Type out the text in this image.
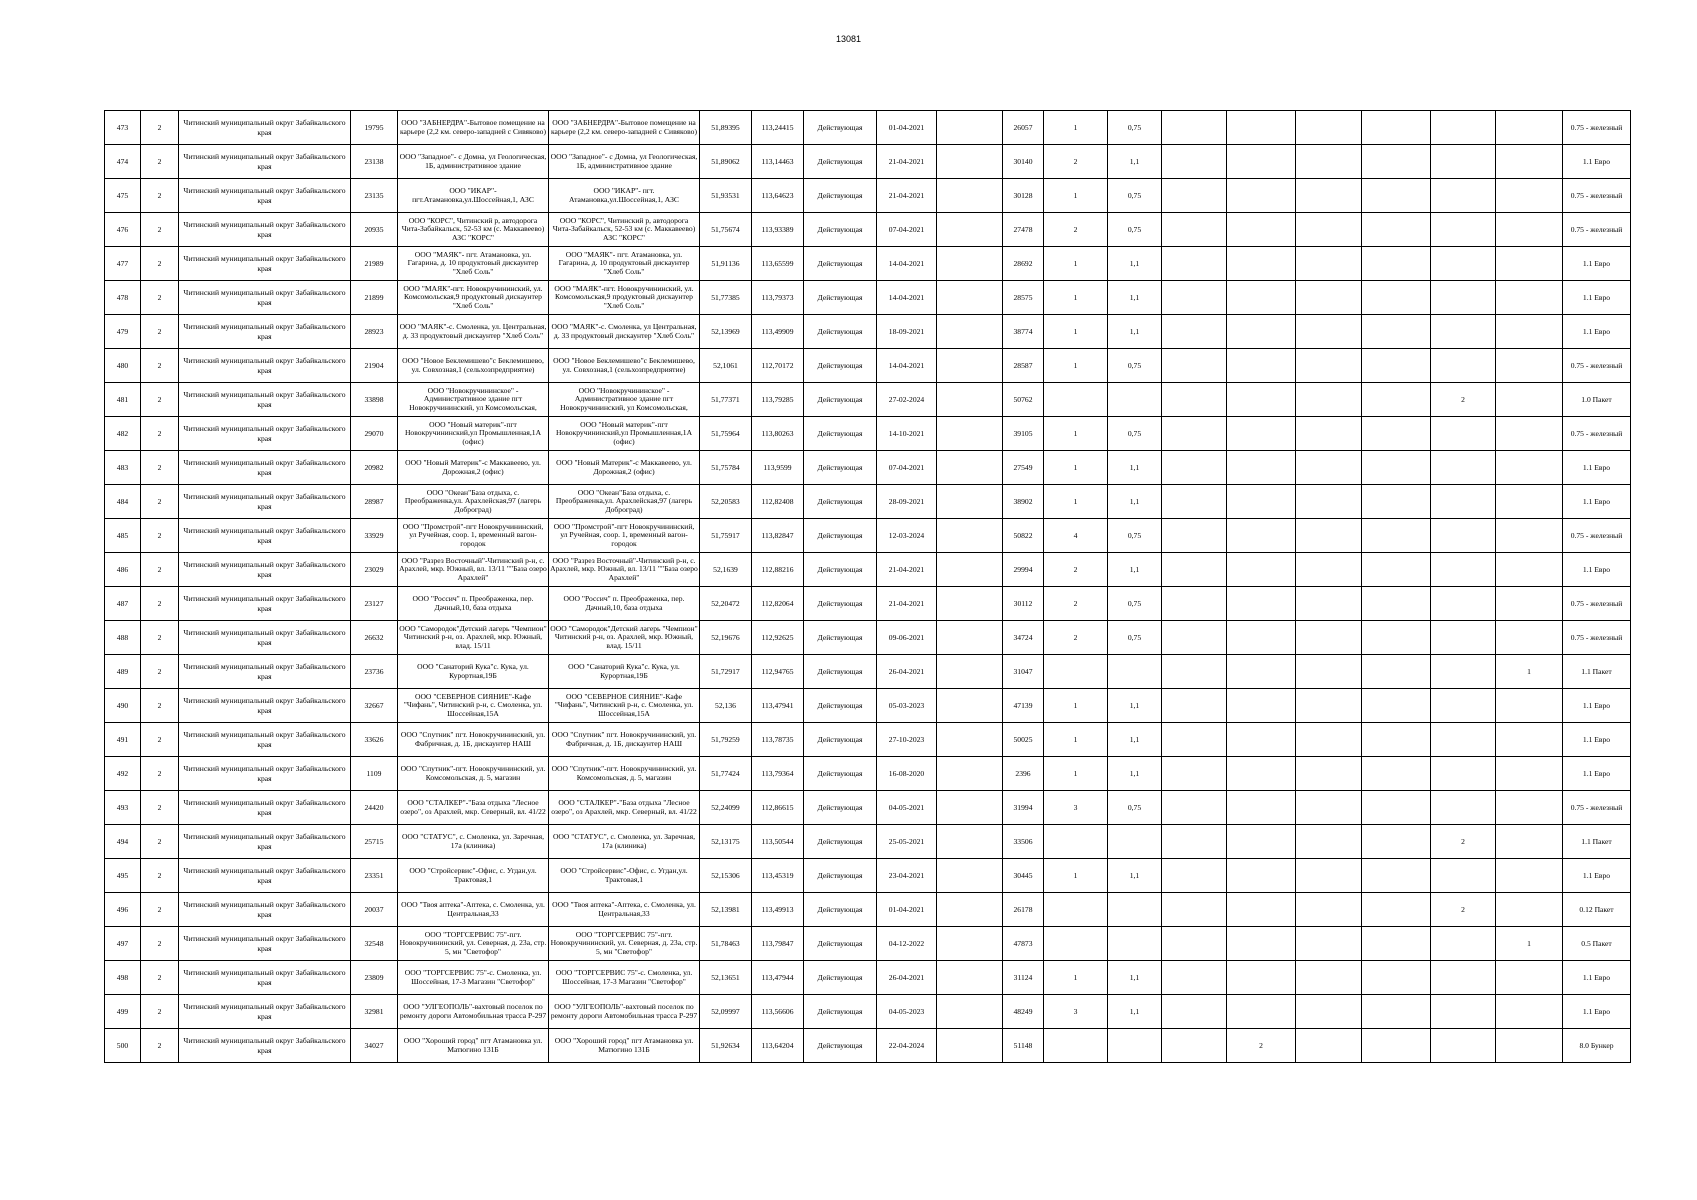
13081
473	2	Читинский муниципальный округ Забайкальского края	19795	ООО "ЗАБНЕРДРА"-Бытовое помещение на карьере (2,2 км. северо-западней с Сивяково)	ООО "ЗАБНЕРДРА"-Бытовое помещение на карьере (2,2 км. северо-западней с Сивяково)	51,89395	113,24415	Действующая	01-04-2021		26057	1	0,75							0.75 - железный

474	2	Читинский муниципальный округ Забайкальского края	23138	ООО "Западное"- с Домна, ул Геологическая, 1Б, административное здание	ООО "Западное"- с Домна, ул Геологическая, 1Б, административное здание	51,89062	113,14463	Действующая	21-04-2021		30140	2	1,1							1.1 Евро

475	2	Читинский муниципальный округ Забайкальского края	23135	ООО "ИКАР"- пгт.Атамановка,ул.Шоссейная,1, АЗС	ООО "ИКАР"- пгт. Атамановка,ул.Шоссейная,1, АЗС	51,93531	113,64623	Действующая	21-04-2021		30128	1	0,75							0.75 - железный

476	2	Читинский муниципальный округ Забайкальского края	20935	ООО "КОРС", Читинский р, автодорога Чита-Забайкальск, 52-53 км (с. Маккавеево) АЗС "КОРС"	ООО "КОРС", Читинский р, автодорога Чита-Забайкальск, 52-53 км (с. Маккавеево) АЗС "КОРС"	51,75674	113,93389	Действующая	07-04-2021		27478	2	0,75							0.75 - железный

477	2	Читинский муниципальный округ Забайкальского края	21989	ООО "МАЯК"- пгт. Атамановка, ул. Гагарина, д. 10 продуктовый дискаунтер "Хлеб Соль"	ООО "МАЯК"- пгт. Атамановка, ул. Гагарина, д. 10 продуктовый дискаунтер "Хлеб Соль"	51,91136	113,65599	Действующая	14-04-2021		28692	1	1,1							1.1 Евро

478	2	Читинский муниципальный округ Забайкальского края	21899	ООО "МАЯК"-пгт. Новокручининский, ул. Комсомольская,9 продуктовый дискаунтер "Хлеб Соль"	ООО "МАЯК"-пгт. Новокручининский, ул. Комсомольская,9 продуктовый дискаунтер "Хлеб Соль"	51,77385	113,79373	Действующая	14-04-2021		28575	1	1,1							1.1 Евро

479	2	Читинский муниципальный округ Забайкальского края	28923	ООО "МАЯК"-с. Смоленка, ул. Центральная, д. 33 продуктовый дискаунтер "Хлеб Соль"	ООО "МАЯК"-с. Смоленка, ул Центральная, д. 33 продуктовый дискаунтер "Хлеб Соль"	52,13969	113,49909	Действующая	18-09-2021		38774	1	1,1							1.1 Евро

480	2	Читинский муниципальный округ Забайкальского края	21904	ООО "Новое Беклемишево"с Беклемишево, ул. Совхозная,1 (сельхозпредприятие)	ООО "Новое Беклемишево"с Беклемишево, ул. Совхозная,1 (сельхозпредприятие)	52,1061	112,70172	Действующая	14-04-2021		28587	1	0,75							0.75 - железный

481	2	Читинский муниципальный округ Забайкальского края	33898	ООО "Новокручининское" - Административное здание пгт Новокручининский, ул Комсомольская,	ООО "Новокручининское" - Административное здание пгт Новокручининский, ул Комсомольская,	51,77371	113,79285	Действующая	27-02-2024		50762							2		1.0 Пакет

482	2	Читинский муниципальный округ Забайкальского края	29070	ООО "Новый материк"-пгт Новокручининский,ул Промышленная,1А (офис)	ООО "Новый материк"-пгт Новокручининский,ул Промышленная,1А (офис)	51,75964	113,80263	Действующая	14-10-2021		39105	1	0,75							0.75 - железный

483	2	Читинский муниципальный округ Забайкальского края	20982	ООО "Новый Материк"-с Маккавеево, ул. Дорожная,2 (офис)	ООО "Новый Материк"-с Маккавеево, ул. Дорожная,2 (офис)	51,75784	113,9599	Действующая	07-04-2021		27549	1	1,1							1.1 Евро

484	2	Читинский муниципальный округ Забайкальского края	28987	ООО "Океан"База отдыха, с. Преображенка,ул. Арахлейская,97 (лагерь Доброград)	ООО "Океан"База отдыха, с. Преображенка,ул. Арахлейская,97 (лагерь Доброград)	52,20583	112,82408	Действующая	28-09-2021		38902	1	1,1							1.1 Евро

485	2	Читинский муниципальный округ Забайкальского края	33929	ООО "Промстрой"-пгт Новокручининский, ул Ручейная, соор. 1, временный вагон-городок	ООО "Промстрой"-пгт Новокручининский, ул Ручейная, соор. 1, временный вагон-городок	51,75917	113,82847	Действующая	12-03-2024		50822	4	0,75							0.75 - железный

486	2	Читинский муниципальный округ Забайкальского края	23029	ООО "Разрез Восточный"-Читинский р-н, с. Арахлей, мкр. Южный, вл. 13/11 ""База озеро Арахлей"	ООО "Разрез Восточный"-Читинский р-н, с. Арахлей, мкр. Южный, вл. 13/11 ""База озеро Арахлей"	52,1639	112,88216	Действующая	21-04-2021		29994	2	1,1							1.1 Евро

487	2	Читинский муниципальный округ Забайкальского края	23127	ООО "Россич" п. Преображенка, пер. Дачный,10, база отдыха	ООО "Россич" п. Преображенка, пер. Дачный,10, база отдыха	52,20472	112,82064	Действующая	21-04-2021		30112	2	0,75							0.75 - железный

488	2	Читинский муниципальный округ Забайкальского края	26632	ООО "Самородок"Детский лагерь "Чемпион" Читинский р-н, оз. Арахлей, мкр. Южный, влад. 15/11	ООО "Самородок"Детский лагерь "Чемпион" Читинский р-н, оз. Арахлей, мкр. Южный, влад. 15/11	52,19676	112,92625	Действующая	09-06-2021		34724	2	0,75							0.75 - железный

489	2	Читинский муниципальный округ Забайкальского края	23736	ООО "Санаторий Кука"с. Кука, ул. Курортная,19Б	ООО "Санаторий Кука"с. Кука, ул. Курортная,19Б	51,72917	112,94765	Действующая	26-04-2021		31047								1	1.1 Пакет

490	2	Читинский муниципальный округ Забайкальского края	32667	ООО "СЕВЕРНОЕ СИЯНИЕ"-Кафе "Чифань", Читинский р-н, с. Смоленка, ул. Шоссейная,15А	ООО "СЕВЕРНОЕ СИЯНИЕ"-Кафе "Чифань", Читинский р-н, с. Смоленка, ул. Шоссейная,15А	52,136	113,47941	Действующая	05-03-2023		47139	1	1,1							1.1 Евро

491	2	Читинский муниципальный округ Забайкальского края	33626	ООО "Спутник" пгт. Новокручининский, ул. Фабричная, д. 1Б, дискаунтер НАШ	ООО "Спутник" пгт. Новокручининский, ул. Фабричная, д. 1Б, дискаунтер НАШ	51,79259	113,78735	Действующая	27-10-2023		50025	1	1,1							1.1 Евро

492	2	Читинский муниципальный округ Забайкальского края	1109	ООО "Спутник"-пгт. Новокручининский, ул. Комсомольская, д. 5, магазин	ООО "Спутник"-пгт. Новокручининский, ул. Комсомольская, д. 5, магазин	51,77424	113,79364	Действующая	16-08-2020		2396	1	1,1							1.1 Евро

493	2	Читинский муниципальный округ Забайкальского края	24420	ООО "СТАЛКЕР"-"База отдыха "Лесное озеро", оз Арахлей, мкр. Северный, вл. 41/22	ООО "СТАЛКЕР"-"База отдыха "Лесное озеро", оз Арахлей, мкр. Северный, вл. 41/22	52,24099	112,86615	Действующая	04-05-2021		31994	3	0,75							0.75 - железный

494	2	Читинский муниципальный округ Забайкальского края	25715	ООО "СТАТУС", с. Смоленка, ул. Заречная, 17а (клиника)	ООО "СТАТУС", с. Смоленка, ул. Заречная, 17а (клиника)	52,13175	113,50544	Действующая	25-05-2021		33506							2		1.1 Пакет

495	2	Читинский муниципальный округ Забайкальского края	23351	ООО "Стройсервис"-Офис, с. Угдан,ул. Трактовая,1	ООО "Стройсервис"-Офис, с. Угдан,ул. Трактовая,1	52,15306	113,45319	Действующая	23-04-2021		30445	1	1,1							1.1 Евро

496	2	Читинский муниципальный округ Забайкальского края	20037	ООО "Твоя аптека"-Аптека, с. Смоленка, ул. Центральная,33	ООО "Твоя аптека"-Аптека, с. Смоленка, ул. Центральная,33	52,13981	113,49913	Действующая	01-04-2021		26178							2		0.12 Пакет

497	2	Читинский муниципальный округ Забайкальского края	32548	ООО "ТОРГСЕРВИС 75"-пгт. Новокручининский, ул. Северная, д. 23а, стр. 5, мн "Светофор"	ООО "ТОРГСЕРВИС 75"-пгт. Новокручининский, ул. Северная, д. 23а, стр. 5, мн "Светофор"	51,78463	113,79847	Действующая	04-12-2022		47873								1	0.5 Пакет

498	2	Читинский муниципальный округ Забайкальского края	23809	ООО "ТОРГСЕРВИС 75"-с. Смоленка, ул. Шоссейная, 17-3 Магазин "Светофор"	ООО "ТОРГСЕРВИС 75"-с. Смоленка, ул. Шоссейная, 17-3 Магазин "Светофор"	52,13651	113,47944	Действующая	26-04-2021		31124	1	1,1							1.1 Евро

499	2	Читинский муниципальный округ Забайкальского края	32981	ООО "УЛГЕОПОЛЬ"-вахтовый поселок по ремонту дороги Автомобильная трасса Р-297	ООО "УЛГЕОПОЛЬ"-вахтовый поселок по ремонту дороги Автомобильная трасса Р-297	52,09997	113,56606	Действующая	04-05-2023		48249	3	1,1							1.1 Евро

500	2	Читинский муниципальный округ Забайкальского края	34027	ООО "Хороший город" пгт Атамановка ул. Матюгино 131Б	ООО "Хороший город" пгт Атамановка ул. Матюгино 131Б	51,92634	113,64204	Действующая	22-04-2024		51148				2					8.0 Бункер
